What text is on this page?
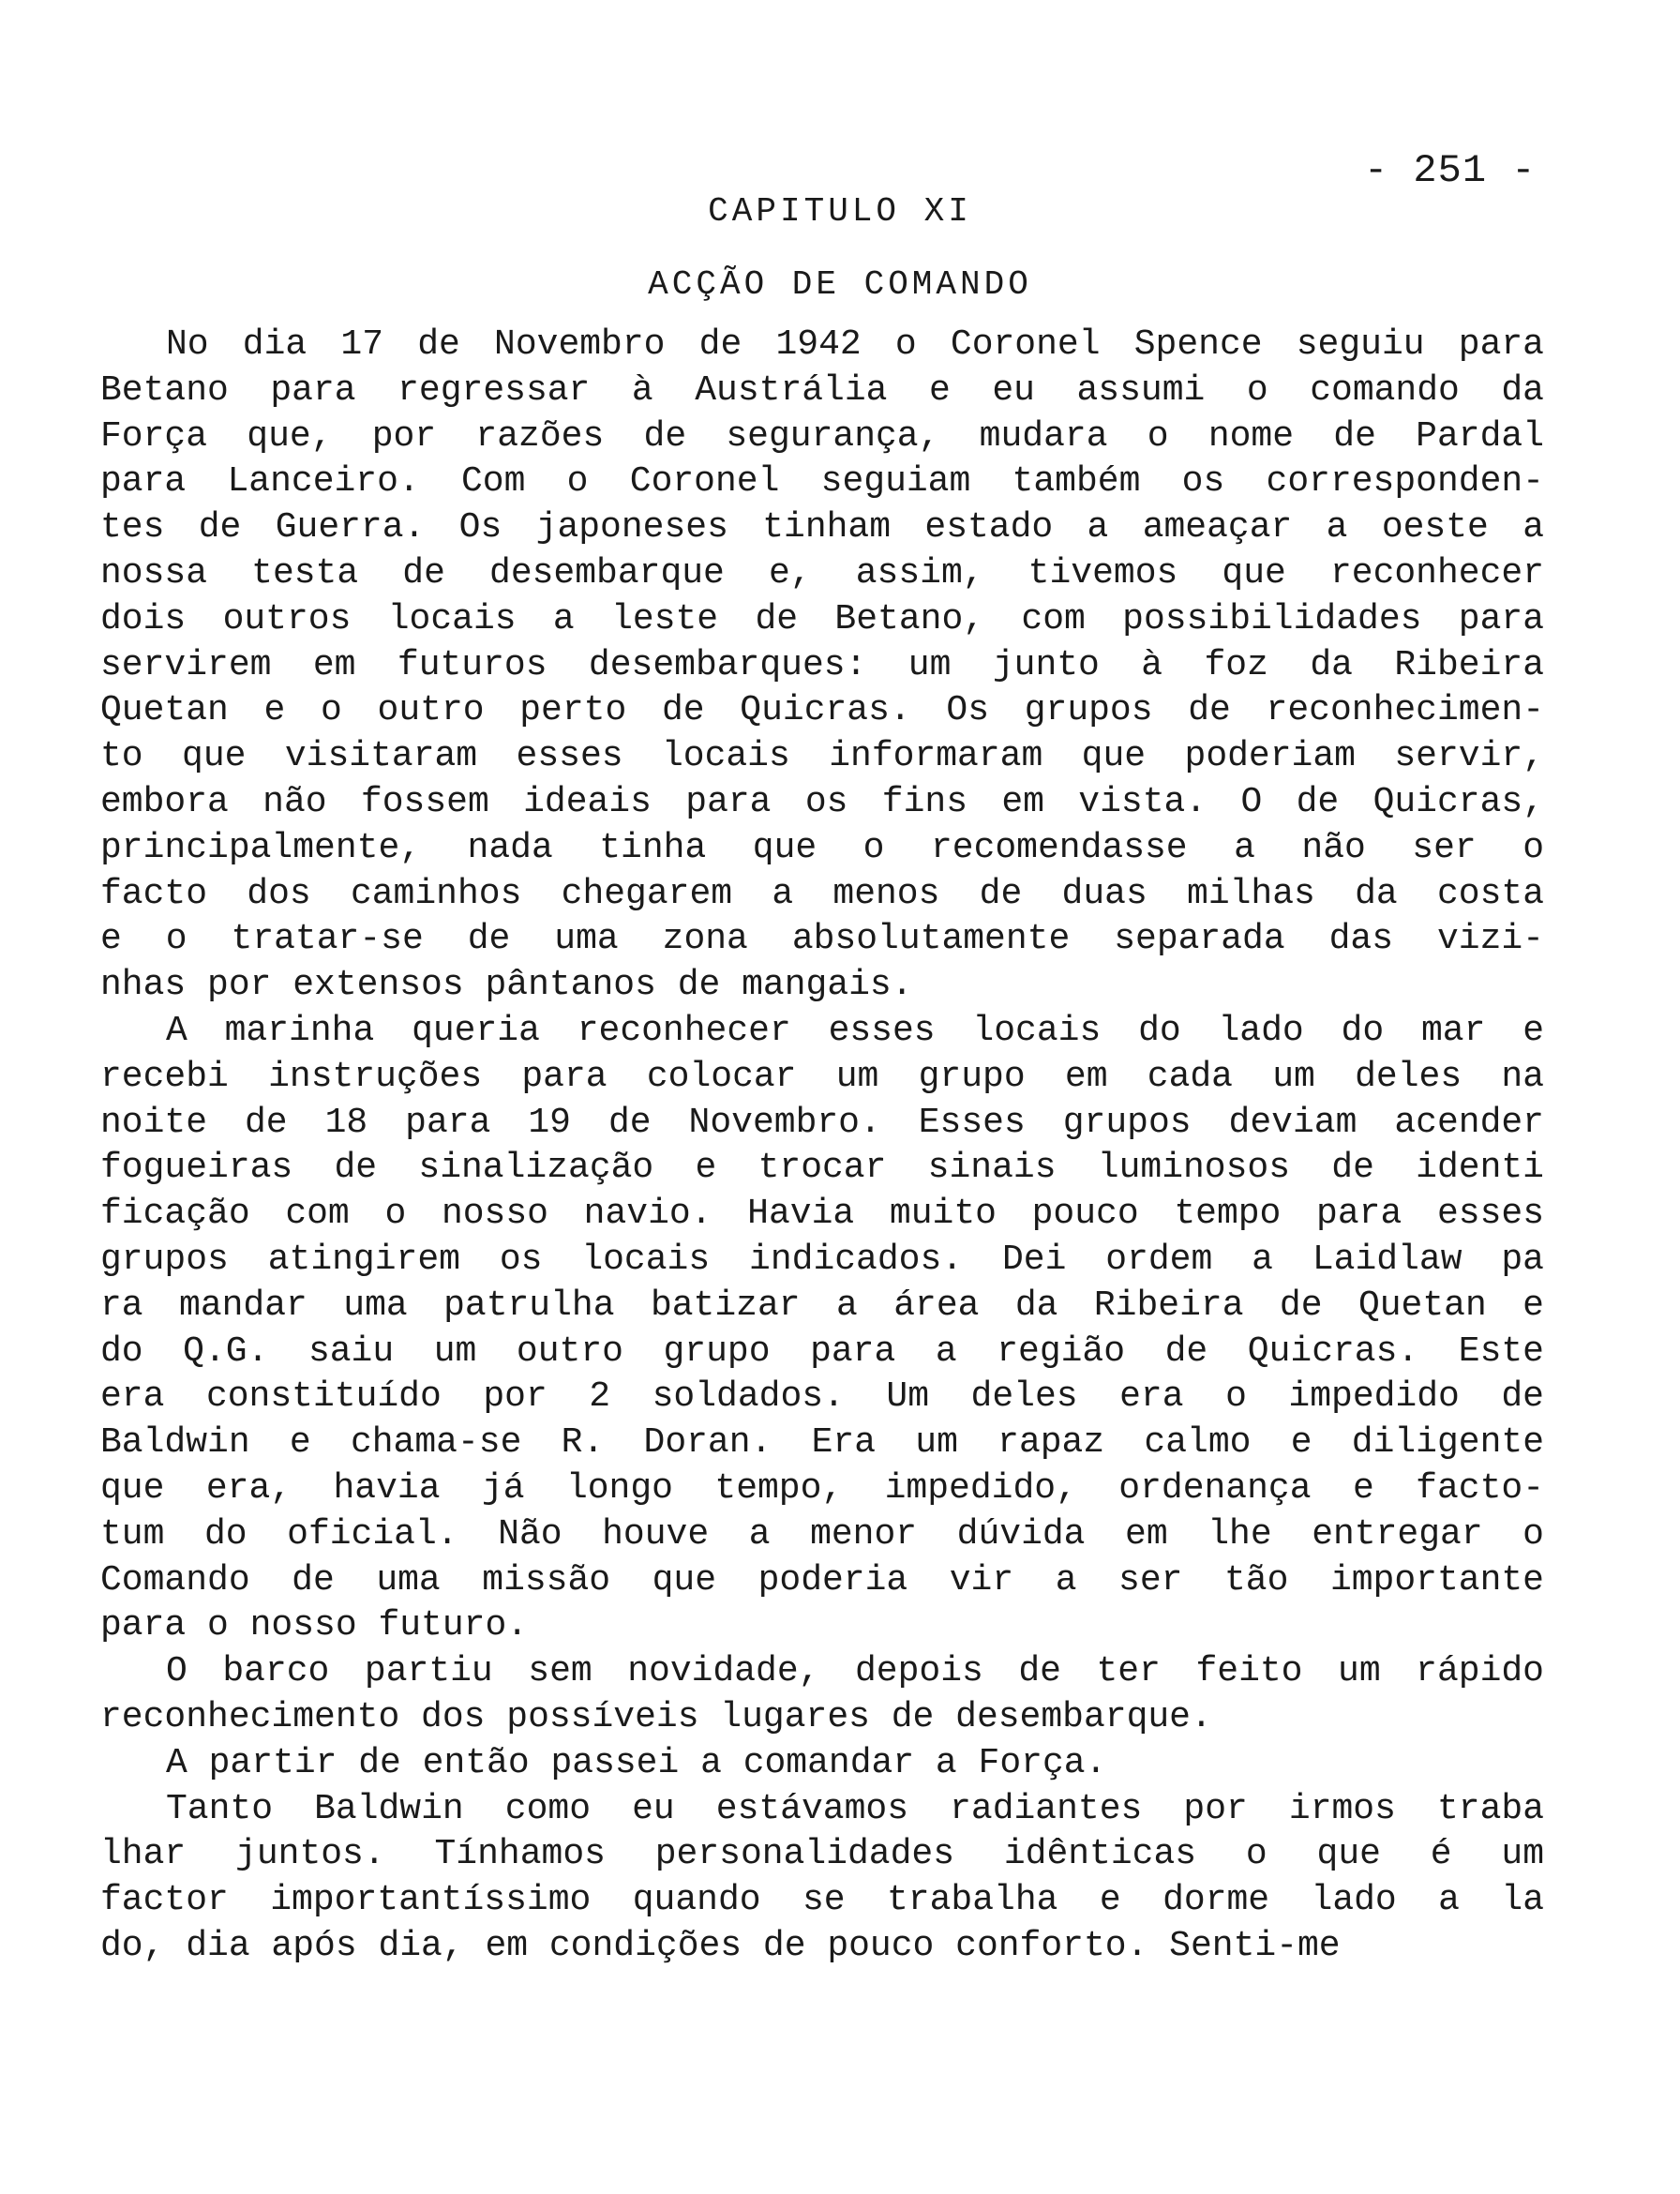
- 251 -
CAPITULO XI
ACÇÃO DE COMANDO
No dia 17 de Novembro de 1942 o Coronel Spence seguiu para
Betano para regressar à Austrália e eu assumi o comando da
Força que, por razões de segurança, mudara o nome de Pardal
para Lanceiro. Com o Coronel seguiam também os corresponden-
tes de Guerra. Os japoneses tinham estado a ameaçar a oeste a
nossa testa de desembarque e, assim, tivemos que reconhecer
dois outros locais a leste de Betano, com possibilidades para
servirem em futuros desembarques: um junto à foz da Ribeira
Quetan e o outro perto de Quicras. Os grupos de reconhecimen-
to que visitaram esses locais informaram que poderiam servir,
embora não fossem ideais para os fins em vista. O de Quicras,
principalmente, nada tinha que o recomendasse a não ser o
facto dos caminhos chegarem a menos de duas milhas da costa
e o tratar-se de uma zona absolutamente separada das vizi-
nhas por extensos pântanos de mangais.
A marinha queria reconhecer esses locais do lado do mar e
recebi instruções para colocar um grupo em cada um deles na
noite de 18 para 19 de Novembro. Esses grupos deviam acender
fogueiras de sinalização e trocar sinais luminosos de identi
ficação com o nosso navio. Havia muito pouco tempo para esses
grupos atingirem os locais indicados. Dei ordem a Laidlaw pa
ra mandar uma patrulha batizar a área da Ribeira de Quetan e
do Q.G. saiu um outro grupo para a região de Quicras. Este
era constituído por 2 soldados. Um deles era o impedido de
Baldwin e chama-se R. Doran. Era um rapaz calmo e diligente
que era, havia já longo tempo, impedido, ordenança e facto-
tum do oficial. Não houve a menor dúvida em lhe entregar o
Comando de uma missão que poderia vir a ser tão importante
para o nosso futuro.
O barco partiu sem novidade, depois de ter feito um rápido
reconhecimento dos possíveis lugares de desembarque.
A partir de então passei a comandar a Força.
Tanto Baldwin como eu estávamos radiantes por irmos traba
lhar juntos. Tínhamos personalidades idênticas o que é um
factor importantíssimo quando se trabalha e dorme lado a la
do, dia após dia, em condições de pouco conforto. Senti-me
